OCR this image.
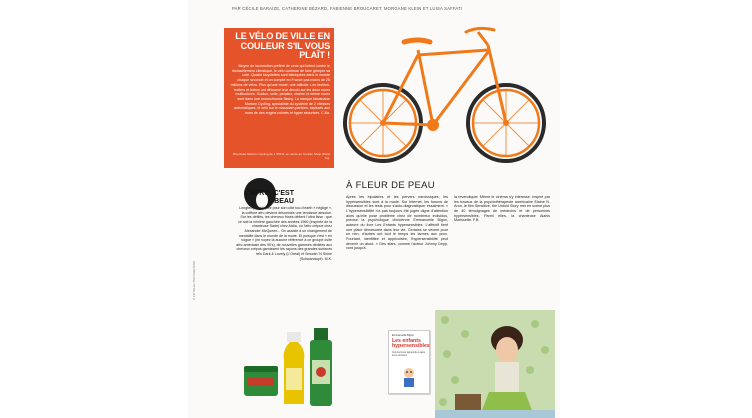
PAR CÉCILE BARAIZE, CATHERINE BÉZARD, FABIENNE BROUCARET, MORGANE KLEIN ET LUISA SAFFATI
© FOTOLIA / PICTURETANK
LE VÉLO DE VILLE EN COULEUR S'IL VOUS PLAÎT !
Moyen de locomotion préféré de ceux qui luttent contre le réchauffement climatique, le vélo continue de faire grimper sa cote. Quatre bicyclettes sont fabriquées dans le monde chaque seconde et on compte en France pas moins de 25 millions de vélos. Plus qu'une mode, une attitude. Les fashion-trotters et bobos ont détourné leur dévolu sur les deux roues multicolores. Guidon, selle, pédales, chaîne et même roues sont dans une monochromie flashy. La marque taiwanaise Mortom Cycling, spécialiste du système de 2 vitesses automatiques, le vélo sur le macadam parisien, tapissés aux murs de des engins colorés et hyper sécurisés. C.Ba.
Bicyclette Mortom Cycling de 1 550 €, en vente au Conran Shop (Paris 7e).
L'AFRO, C'EST BEAU
Longtemps critiquée pour son côté too-d'earth » négligé », la coiffure afro devient désormais une tendance absolue. Sur les défilés, les cheveux frisés défient l'ultra lisse : que ce soit la crinière gauchée des années 1960 (inspirée de la chanteuse Sade) chez Alaïa, ou l'afro crépue chez Alexander McQueen... On assiste à un changement de mentalité dans le monde de la mode. Et puisque c'est « en vogue » (ne voyez là aucune référence à ce groupe culte afro-américain des 90's), de nouvelles gammes dédiées aux cheveux crépus garnissent les rayons des grandes surfaces tels Dark & Lovely (L'Oréal) et Smooth 'N Shine (Schwarzkopf). M.K.
À FLEUR DE PEAU
Après les bipolaires et les pervers narcissiques, les hypersensibles sont à la mode. Sur Internet, les forums de discussion et les tests pour s'auto-diagnostiquer essaiment. « L'hypersensibilité n'a pas toujours été jugée digne d'attention alors qu'elle pose problème chez de nombreux individus, précise la psychologue clinicienne Emmanuelle Bigon, auteure du livre Les Enfants hypersensibles. L'affectif tient une place démesurée dans leur vie. Certains se vexent pour un rien, d'autres ont tout le temps les larmes aux yeux. Pourtant, identifiée et apprivoisée, l'hypersensibilité peut devenir un atout. » Des stars, comme l'acteur Johnny Depp, vont jusqu'à
la revendiquer. Même le cinéma s'y intéresse. Inspiré par les travaux de la psychothérapeute américaine Elaine N. Aron, le film Sensitive, the Untold Story met en scène plus de 40 témoignages de médecins et de personnes hypersensibles. Parmi elles, la chanteuse Alanis Morissette. F.B.
Emmanuelle Bigon
Les enfants hypersensibles
Comment leur apprendre à gérer leurs émotions
